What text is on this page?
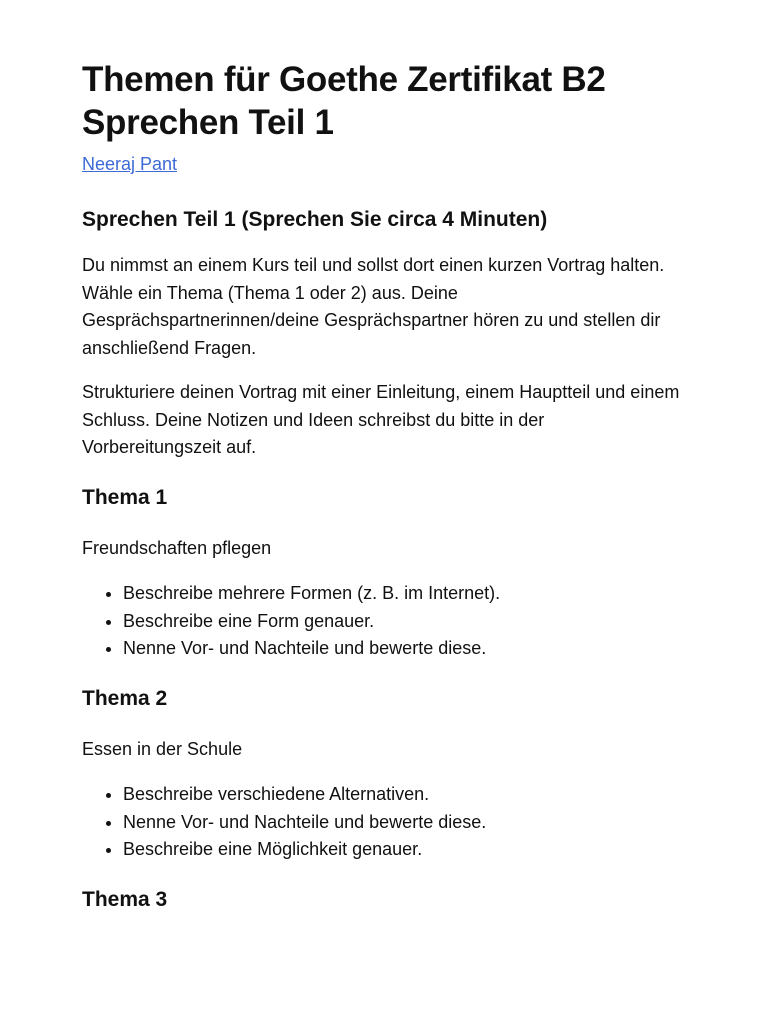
Themen für Goethe Zertifikat B2
Sprechen Teil 1
Neeraj Pant
Sprechen Teil 1 (Sprechen Sie circa 4 Minuten)

Du nimmst an einem Kurs teil und sollst dort einen kurzen Vortrag halten. Wähle ein Thema (Thema 1 oder 2) aus. Deine Gesprächspartnerinnen/deine Gesprächspartner hören zu und stellen dir anschließend Fragen.

Strukturiere deinen Vortrag mit einer Einleitung, einem Hauptteil und einem Schluss. Deine Notizen und Ideen schreibst du bitte in der Vorbereitungszeit auf.

Thema 1

Freundschaften pflegen

• Beschreibe mehrere Formen (z. B. im Internet).
• Beschreibe eine Form genauer.
• Nenne Vor- und Nachteile und bewerte diese.
Thema 2

Essen in der Schule

• Beschreibe verschiedene Alternativen.
• Nenne Vor- und Nachteile und bewerte diese.
• Beschreibe eine Möglichkeit genauer.
Thema 3
